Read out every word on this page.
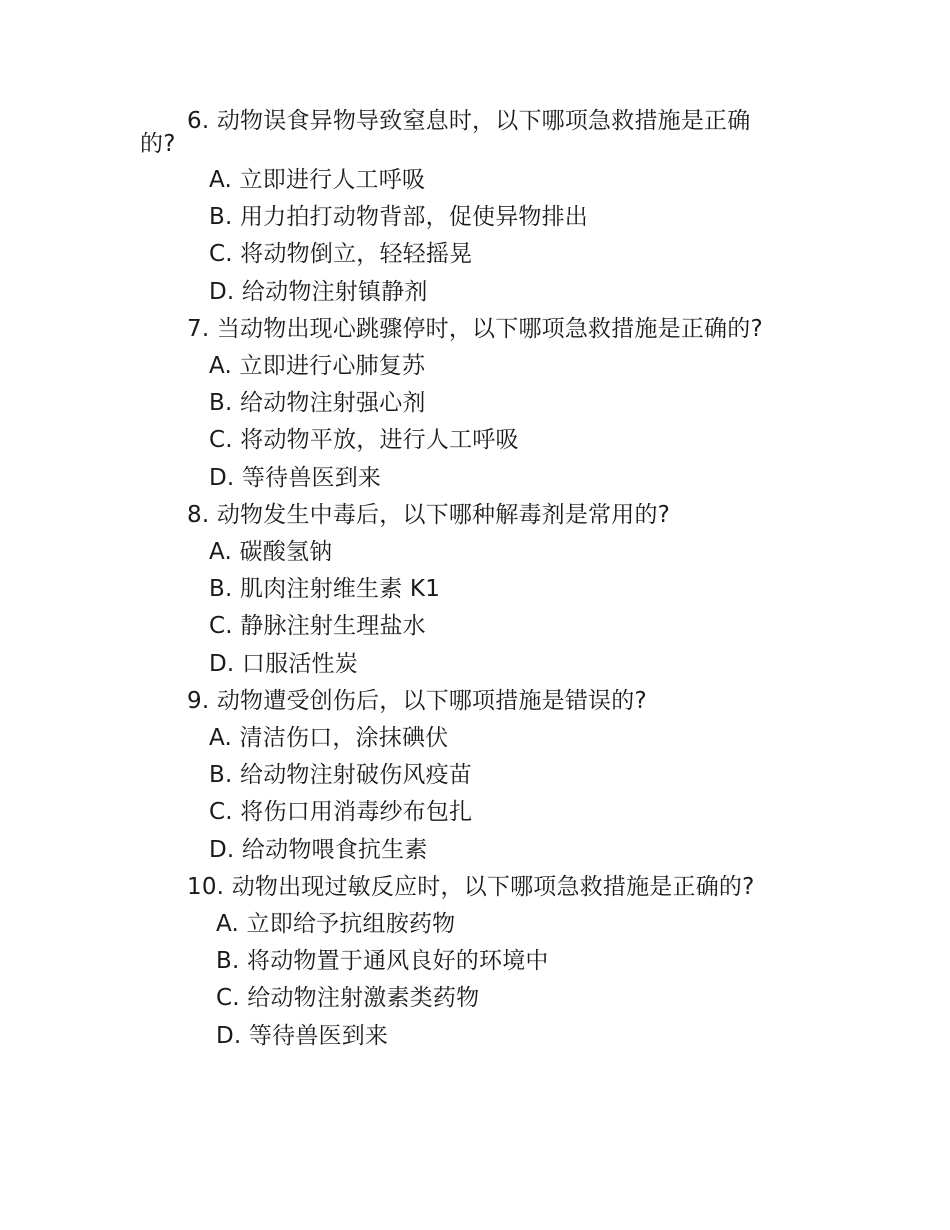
6. 动物误食异物导致窒息时，以下哪项急救措施是正确
的?
A. 立即进行人工呼吸
B. 用力拍打动物背部，促使异物排出
C. 将动物倒立，轻轻摇晃
D. 给动物注射镇静剂
7. 当动物出现心跳骤停时，以下哪项急救措施是正确的?
A. 立即进行心肺复苏
B. 给动物注射强心剂
C. 将动物平放，进行人工呼吸
D. 等待兽医到来
8. 动物发生中毒后，以下哪种解毒剂是常用的?
A. 碳酸氢钠
B. 肌肉注射维生素 K1
C. 静脉注射生理盐水
D. 口服活性炭
9. 动物遭受创伤后，以下哪项措施是错误的?
A. 清洁伤口，涂抹碘伏
B. 给动物注射破伤风疫苗
C. 将伤口用消毒纱布包扎
D. 给动物喂食抗生素
10. 动物出现过敏反应时，以下哪项急救措施是正确的?
A. 立即给予抗组胺药物
B. 将动物置于通风良好的环境中
C. 给动物注射激素类药物
D. 等待兽医到来
